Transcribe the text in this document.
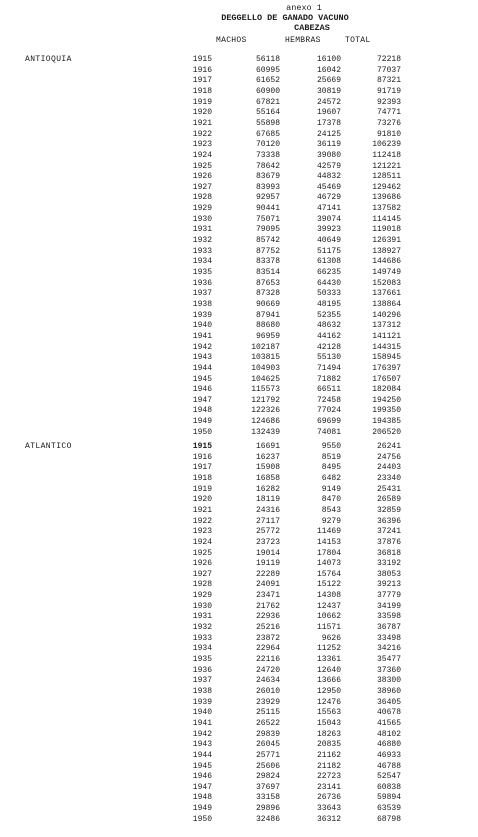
anexo 1
DEGGELLO DE GANADO VACUNO
CABEZAS
MACHOS	HEMBRAS	TOTAL
ANTIOQUIA	1915	56118	16100	72218
1916	60995	16042	77037
1917	61652	25669	87321
1918	60900	30819	91719
1919	67821	24572	92393
1920	55164	19607	74771
1921	55898	17378	73276
1922	67685	24125	91810
1923	70120	36119	106239
1924	73338	39080	112418
1925	78642	42579	121221
1926	83679	44832	128511
1927	83993	45469	129462
1928	92957	46729	139686
1929	90441	47141	137582
1930	75071	39074	114145
1931	79095	39923	119018
1932	85742	40649	126391
1933	87752	51175	138927
1934	83378	61308	144686
1935	83514	66235	149749
1936	87653	64430	152083
1937	87328	50333	137661
1938	90669	48195	138864
1939	87941	52355	140296
1940	88680	48632	137312
1941	96959	44162	141121
1942	102187	42128	144315
1943	103815	55130	158945
1944	104903	71494	176397
1945	104625	71882	176507
1946	115573	66511	182084
1947	121792	72458	194250
1948	122326	77024	199350
1949	124686	69699	194385
1950	132439	74081	206520
ATLANTICO	1915	16691	9550	26241
1916	16237	8519	24756
1917	15908	8495	24403
1918	16858	6482	23340
1919	16282	9149	25431
1920	18119	8470	26589
1921	24316	8543	32859
1922	27117	9279	36396
1923	25772	11469	37241
1924	23723	14153	37876
1925	19014	17804	36818
1926	19119	14073	33192
1927	22289	15764	38053
1928	24091	15122	39213
1929	23471	14308	37779
1930	21762	12437	34199
1931	22936	10662	33598
1932	25216	11571	36787
1933	23872	9626	33498
1934	22964	11252	34216
1935	22116	13361	35477
1936	24720	12640	37360
1937	24634	13666	38300
1938	26010	12950	38960
1939	23929	12476	36405
1940	25115	15563	40678
1941	26522	15043	41565
1942	29839	18263	48102
1943	26045	20835	46880
1944	25771	21162	46933
1945	25606	21182	46788
1946	29824	22723	52547
1947	37697	23141	60838
1948	33158	26736	59894
1949	29896	33643	63539
1950	32486	36312	68798
